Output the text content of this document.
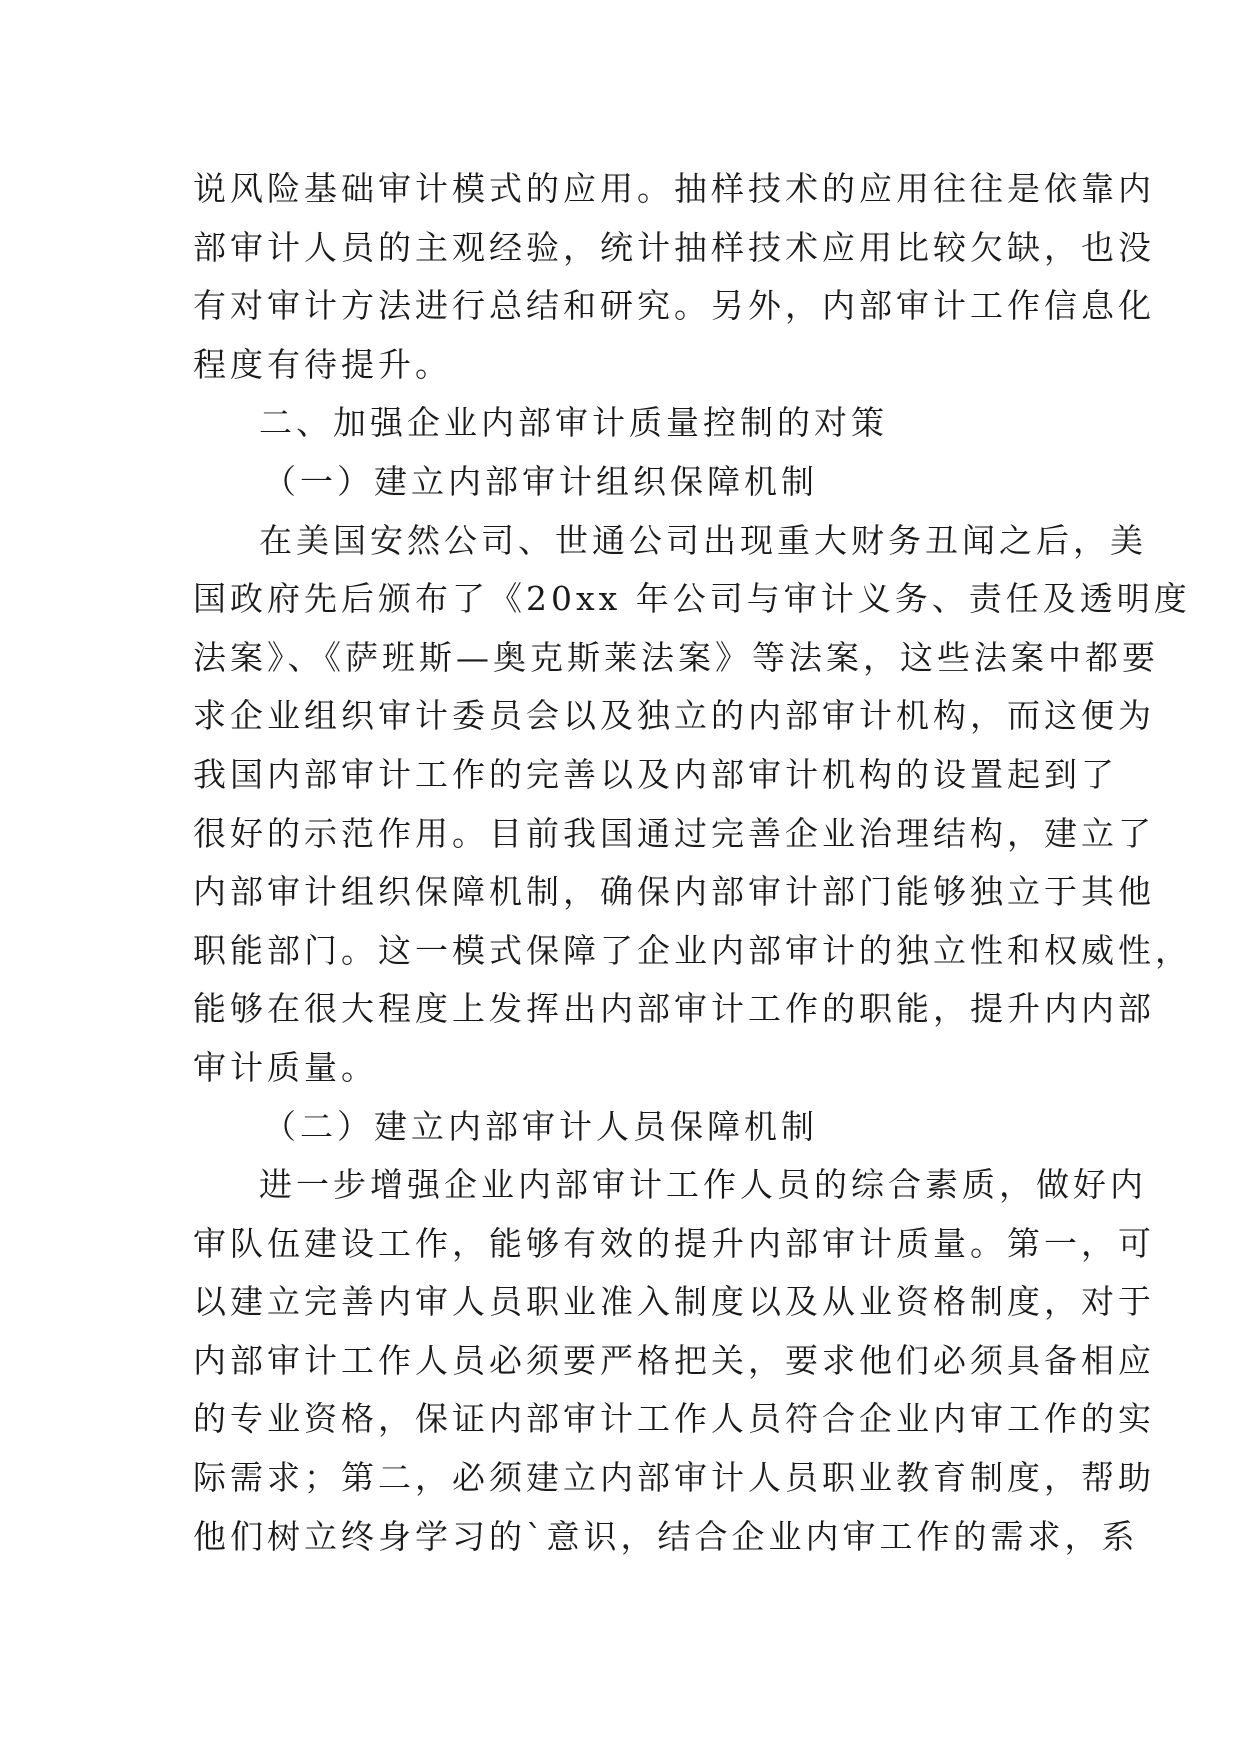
说风险基础审计模式的应用。抽样技术的应用往往是依靠内
部审计人员的主观经验，统计抽样技术应用比较欠缺，也没
有对审计方法进行总结和研究。另外，内部审计工作信息化
程度有待提升。

二、加强企业内部审计质量控制的对策
（一）建立内部审计组织保障机制

在美国安然公司、世通公司出现重大财务丑闻之后，美
国政府先后颁布了《20xx 年公司与审计义务、责任及透明度
法案》、《萨班斯—奥克斯莱法案》等法案，这些法案中都要
求企业组织审计委员会以及独立的内部审计机构，而这便为
我国内部审计工作的完善以及内部审计机构的设置起到了
很好的示范作用。目前我国通过完善企业治理结构，建立了
内部审计组织保障机制，确保内部审计部门能够独立于其他
职能部门。这一模式保障了企业内部审计的独立性和权威性，
能够在很大程度上发挥出内部审计工作的职能，提升内内部
审计质量。

（二）建立内部审计人员保障机制

进一步增强企业内部审计工作人员的综合素质，做好内
审队伍建设工作，能够有效的提升内部审计质量。第一，可
以建立完善内审人员职业准入制度以及从业资格制度，对于
内部审计工作人员必须要严格把关，要求他们必须具备相应
的专业资格，保证内部审计工作人员符合企业内审工作的实
际需求；第二，必须建立内部审计人员职业教育制度，帮助
他们树立终身学习的`意识，结合企业内审工作的需求，系
